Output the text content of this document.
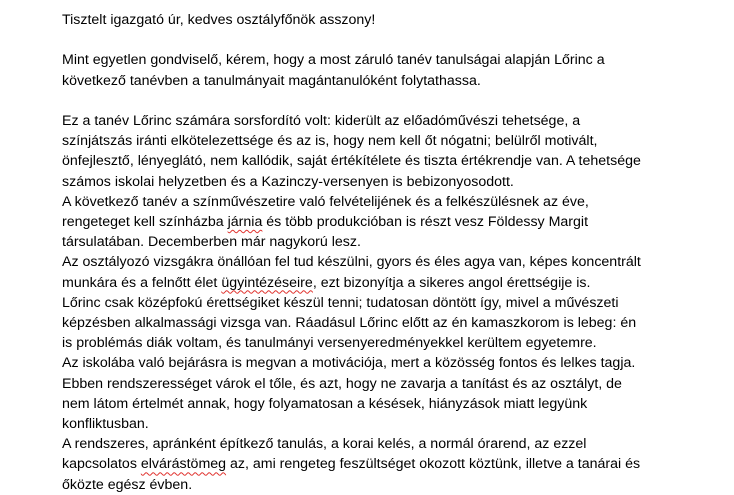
Tisztelt igazgató úr, kedves osztályfőnök asszony!

Mint egyetlen gondviselő, kérem, hogy a most záruló tanév tanulságai alapján Lőrinc a

következő tanévben a tanulmányait magántanulóként folytathassa.

Ez a tanév Lőrinc számára sorsfordító volt: kiderült az előadóművészi tehetsége, a

színjátszás iránti elkötelezettsége és az is, hogy nem kell őt nógatni; belülről motivált,

önfejlesztő, lényeglátó, nem kallódik, saját értékítélete és tiszta értékrendje van. A tehetsége

számos iskolai helyzetben és a Kazinczy-versenyen is bebizonyosodott.

A következő tanév a színművészetire való felvételijének és a felkészülésnek az éve,

rengeteget kell színházba járnia és több produkcióban is részt vesz Földessy Margit

társulatában. Decemberben már nagykorú lesz.

Az osztályozó vizsgákra önállóan fel tud készülni, gyors és éles agya van, képes koncentrált

munkára és a felnőtt élet ügyintézéseire, ezt bizonyítja a sikeres angol érettségije is.

Lőrinc csak középfokú érettségiket készül tenni; tudatosan döntött így, mivel a művészeti

képzésben alkalmassági vizsga van. Ráadásul Lőrinc előtt az én kamaszkorom is lebeg: én

is problémás diák voltam, és tanulmányi versenyeredményekkel kerültem egyetemre.

Az iskolába való bejárásra is megvan a motivációja, mert a közösség fontos és lelkes tagja.

Ebben rendszerességet várok el tőle, és azt, hogy ne zavarja a tanítást és az osztályt, de

nem látom értelmét annak, hogy folyamatosan a késések, hiányzások miatt legyünk

konfliktusban.

A rendszeres, apránként építkező tanulás, a korai kelés, a normál órarend, az ezzel

kapcsolatos elvárástömeg az, ami rengeteg feszültséget okozott köztünk, illetve a tanárai és

őközte egész évben.
